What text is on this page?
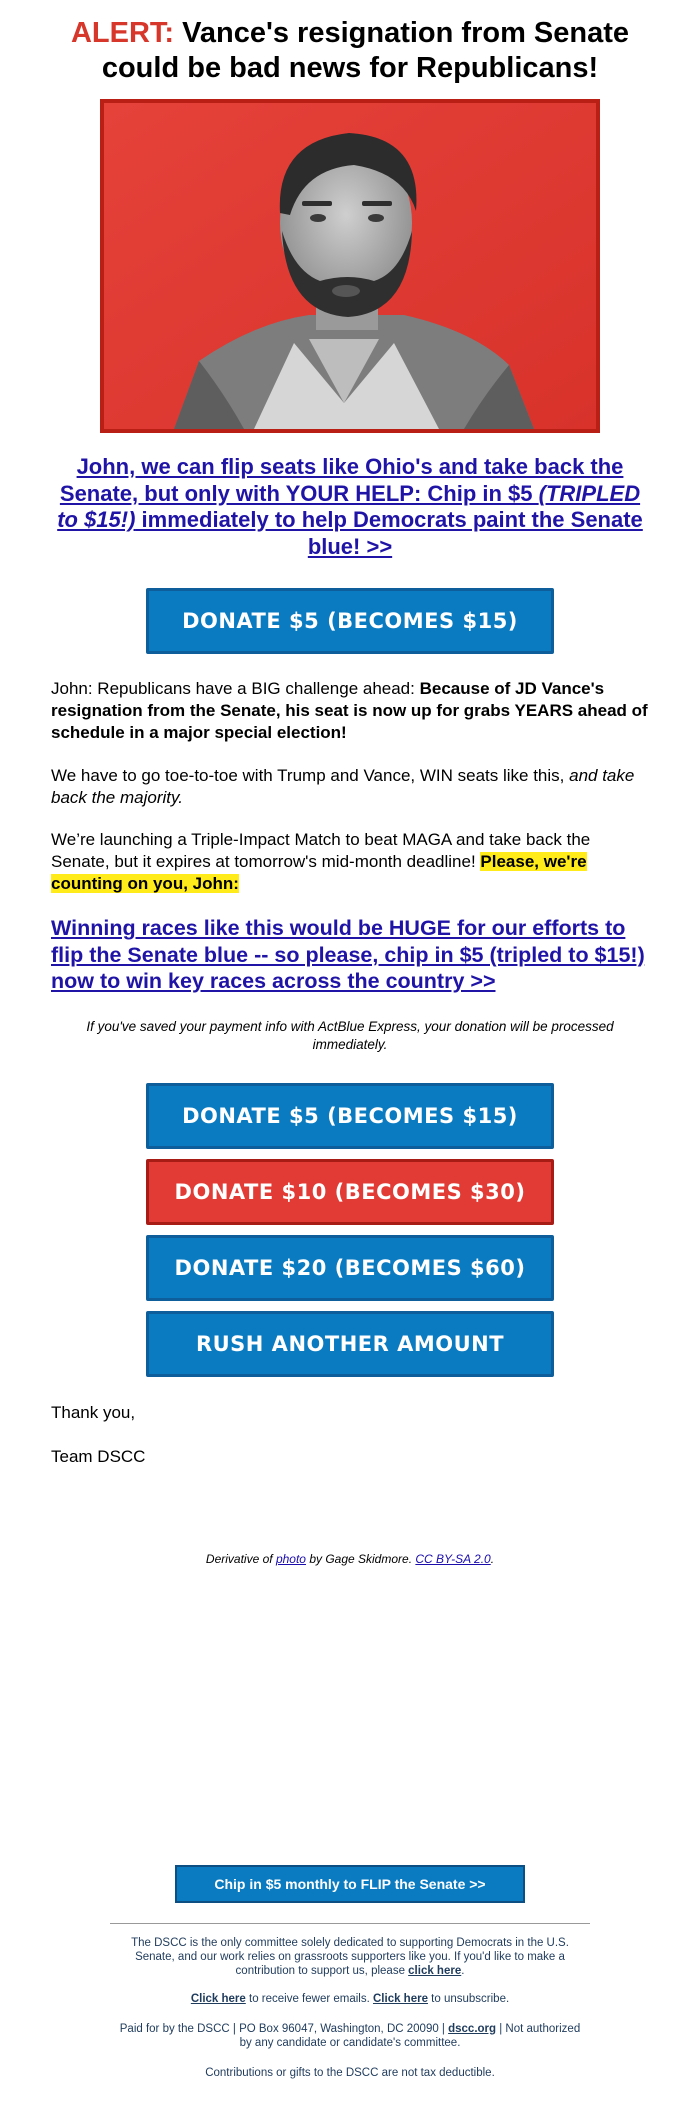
ALERT: Vance's resignation from Senate could be bad news for Republicans!
John, we can flip seats like Ohio's and take back the Senate, but only with YOUR HELP: Chip in $5 (TRIPLED to $15!) immediately to help Democrats paint the Senate blue! >>
DONATE $5 (BECOMES $15)
John: Republicans have a BIG challenge ahead: Because of JD Vance's resignation from the Senate, his seat is now up for grabs YEARS ahead of schedule in a major special election!
We have to go toe-to-toe with Trump and Vance, WIN seats like this, and take back the majority.
We’re launching a Triple-Impact Match to beat MAGA and take back the Senate, but it expires at tomorrow's mid-month deadline! Please, we're counting on you, John:
Winning races like this would be HUGE for our efforts to flip the Senate blue -- so please, chip in $5 (tripled to $15!) now to win key races across the country >>
If you've saved your payment info with ActBlue Express, your donation will be processed immediately.
DONATE $5 (BECOMES $15)
DONATE $10 (BECOMES $30)
DONATE $20 (BECOMES $60)
RUSH ANOTHER AMOUNT
Thank you,
Team DSCC
Derivative of photo by Gage Skidmore. CC BY-SA 2.0.
Chip in $5 monthly to FLIP the Senate >>
The DSCC is the only committee solely dedicated to supporting Democrats in the U.S. Senate, and our work relies on grassroots supporters like you. If you'd like to make a contribution to support us, please click here.
Click here to receive fewer emails. Click here to unsubscribe.
Paid for by the DSCC | PO Box 96047, Washington, DC 20090 | dscc.org | Not authorized by any candidate or candidate's committee.
Contributions or gifts to the DSCC are not tax deductible.
